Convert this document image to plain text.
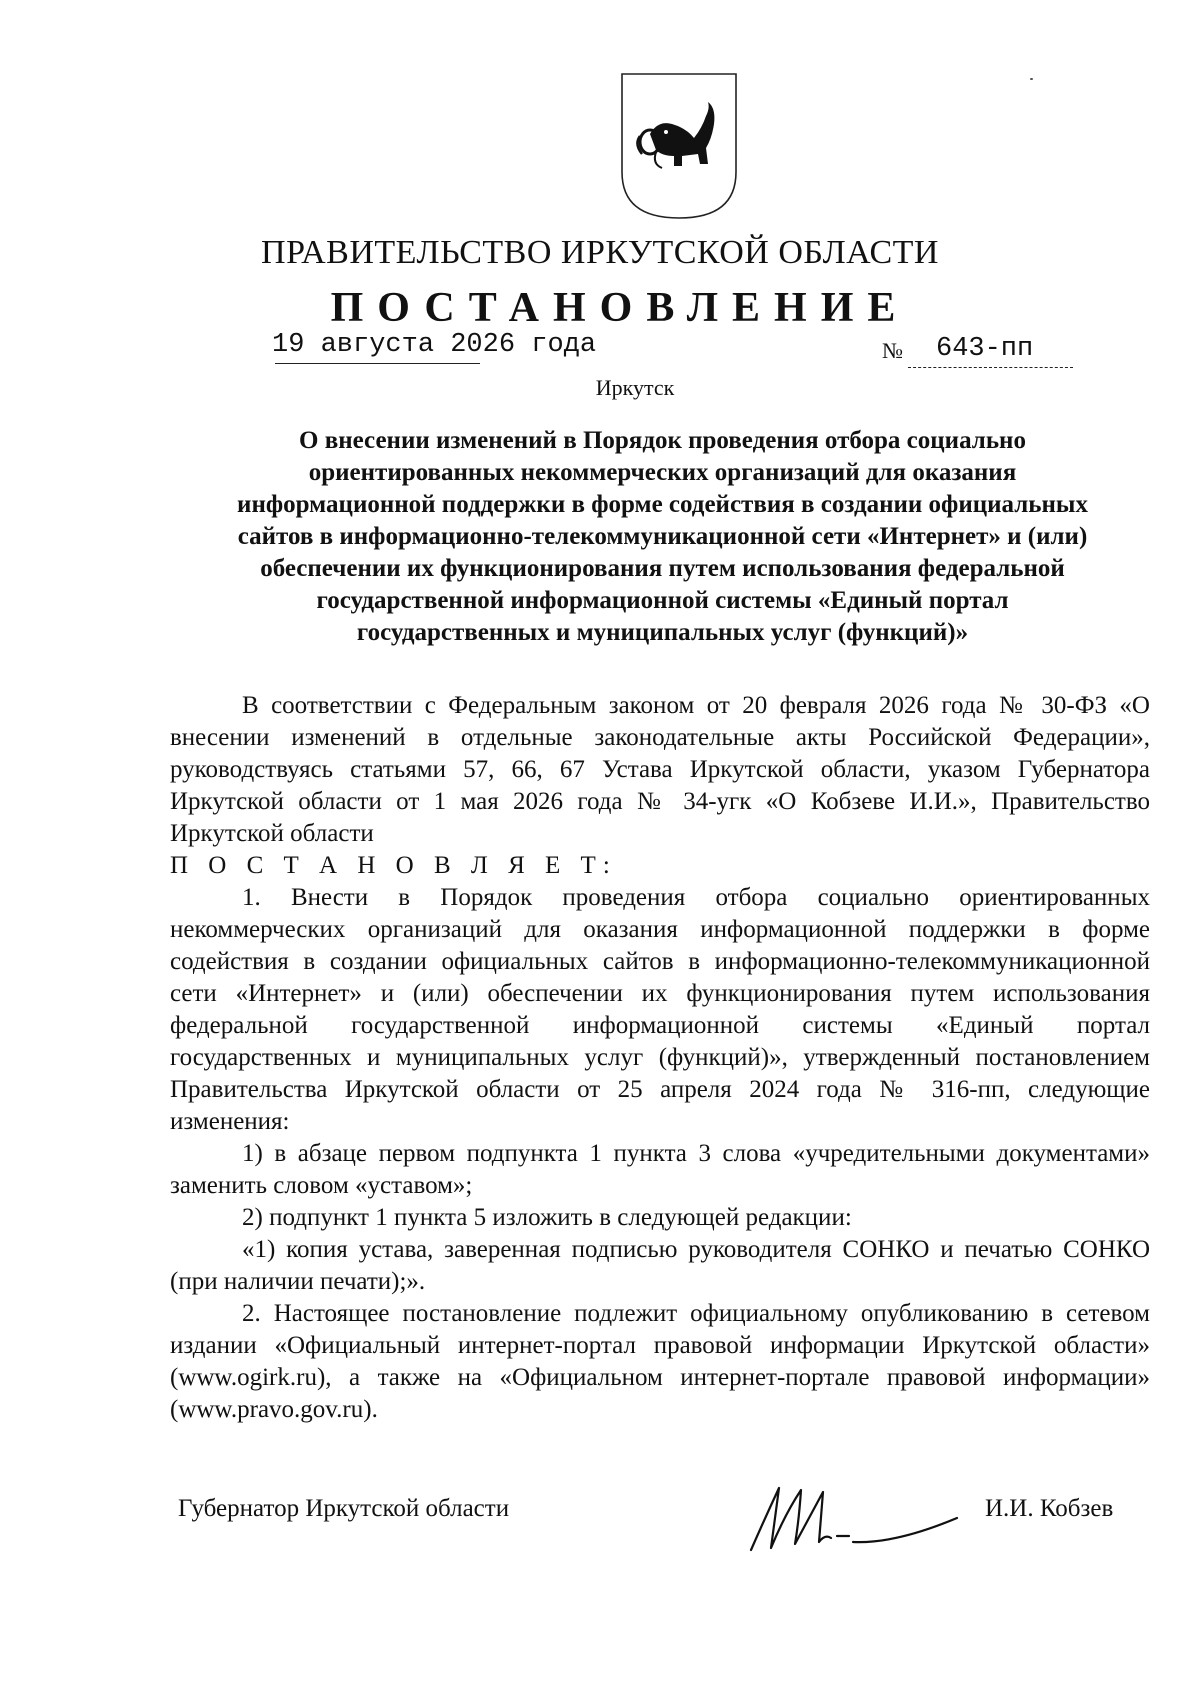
ПРАВИТЕЛЬСТВО ИРКУТСКОЙ ОБЛАСТИ
ПОСТАНОВЛЕНИЕ
19 августа 2026 года	№ 643-пп
Иркутск
О внесении изменений в Порядок проведения отбора социально
ориентированных некоммерческих организаций для оказания
информационной поддержки в форме содействия в создании официальных
сайтов в информационно-телекоммуникационной сети «Интернет» и (или)
обеспечении их функционирования путем использования федеральной
государственной информационной системы «Единый портал
государственных и муниципальных услуг (функций)»

В соответствии с Федеральным законом от 20 февраля 2026 года № 30-ФЗ «О внесении изменений в отдельные законодательные акты Российской Федерации», руководствуясь статьями 57, 66, 67 Устава Иркутской области, указом Губернатора Иркутской области от 1 мая 2026 года № 34-угк «О Кобзеве И.И.», Правительство Иркутской области

П О С Т А Н О В Л Я Е Т:

1. Внести в Порядок проведения отбора социально ориентированных некоммерческих организаций для оказания информационной поддержки в форме содействия в создании официальных сайтов в информационно-телекоммуникационной сети «Интернет» и (или) обеспечении их функционирования путем использования федеральной государственной информационной системы «Единый портал государственных и муниципальных услуг (функций)», утвержденный постановлением Правительства Иркутской области от 25 апреля 2024 года № 316-пп, следующие изменения:

1) в абзаце первом подпункта 1 пункта 3 слова «учредительными документами» заменить словом «уставом»;

2) подпункт 1 пункта 5 изложить в следующей редакции:

«1) копия устава, заверенная подписью руководителя СОНКО и печатью СОНКО (при наличии печати);».

2. Настоящее постановление подлежит официальному опубликованию в сетевом издании «Официальный интернет-портал правовой информации Иркутской области» (www.ogirk.ru), а также на «Официальном интернет-портале правовой информации» (www.pravo.gov.ru).

Губернатор Иркутской области	И.И. Кобзев
